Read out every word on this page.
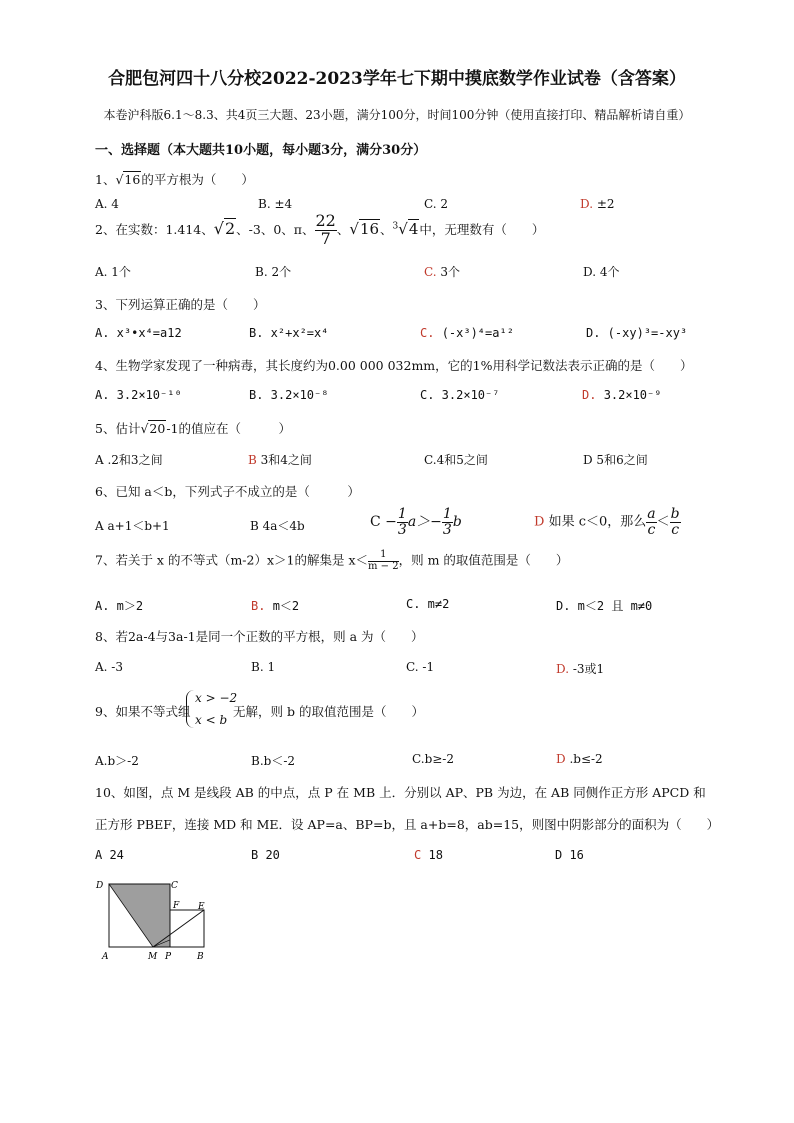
合肥包河四十八分校2022-2023学年七下期中摸底数学作业试卷（含答案）
本卷沪科版6.1～8.3、共4页三大题、23小题，满分100分，时间100分钟（使用直接打印、精品解析请自重）
一、选择题（本大题共10小题，每小题3分，满分30分）
1、√16的平方根为（　　）
A. 4	B. ±4	C. 2	D. ±2
2、在实数：1.414、√2、-3、0、π、 $\frac{22}{7}$ 、√16、$^3$√4中，无理数有（　　）
A. 1个	B. 2个	C. 3个	D. 4个
3、下列运算正确的是（　　）
A. x³•x⁴=a12	B. x²+x²=x⁴	C. (-x³)⁴=a¹²	D. (-xy)³=-xy³
4、生物学家发现了一种病毒，其长度约为0.00 000 032mm，它的1%用科学记数法表示正确的是（　　）
A. 3.2×10⁻¹⁰	B. 3.2×10⁻⁸	C. 3.2×10⁻⁷	D. 3.2×10⁻⁹
5、估计√20-1的值应在（　　　）
A .2和3之间	B 3和4之间	C.4和5之间	D 5和6之间
6、已知 a＜b，下列式子不成立的是（　　　）
A a+1＜b+1	B 4a＜4b	$C - \frac{1}{3} a>- \frac{1}{3}$ b	D 如果 c＜0，那么 $\frac{a}{c} < \frac{b}{c}$
7、若关于 x 的不等式（m-2）x＞1的解集是 $x< \frac{1}{m - 2}$ ，则 m 的取值范围是（　　）
A. m＞2	B. m＜2	C. m≠2	D. m＜2 且 m≠0
8、若2a-4与3a-1是同一个正数的平方根，则 a 为（　　）
A. -3	B. 1	C. -1	D. -3或1
9、如果不等式组
x > −2
x < b
无解，则 b 的取值范围是（　　）
A.b＞-2	B.b＜-2	C.b≥-2	D .b≤-2
10、如图，点 M 是线段 AB 的中点，点 P 在 MB 上．分别以 AP、PB 为边，在 AB 同侧作正方形 APCD 和
正方形 PBEF，连接 MD 和 ME．设 AP=a、BP=b，且 a+b=8，ab=15，则图中阴影部分的面积为（　　）
A 24	B 20	C 18	D 16
D	C
F E
A	M P	B
